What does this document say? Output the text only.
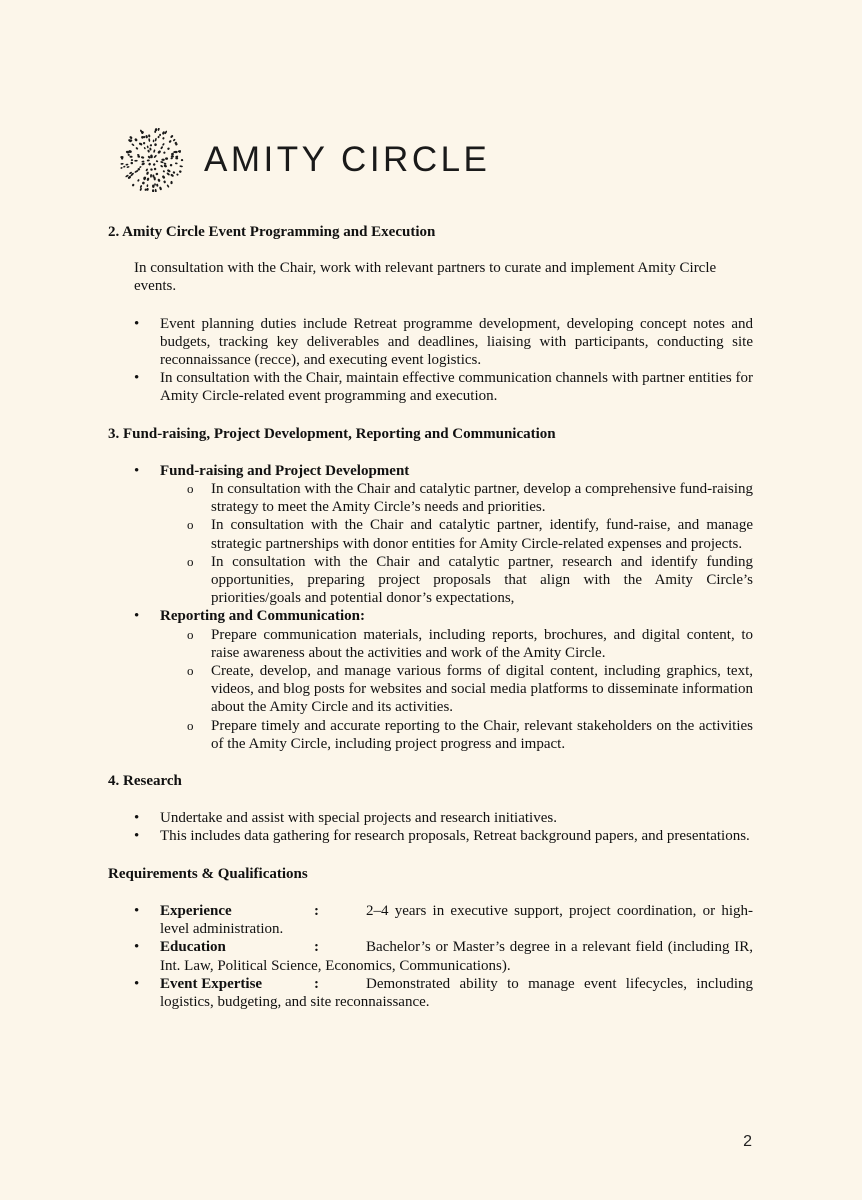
AMITY CIRCLE

2. Amity Circle Event Programming and Execution

In consultation with the Chair, work with relevant partners to curate and implement Amity Circle events.

• Event planning duties include Retreat programme development, developing concept notes and budgets, tracking key deliverables and deadlines, liaising with participants, conducting site reconnaissance (recce), and executing event logistics.
• In consultation with the Chair, maintain effective communication channels with partner entities for Amity Circle-related event programming and execution.

3. Fund-raising, Project Development, Reporting and Communication

• Fund-raising and Project Development
o In consultation with the Chair and catalytic partner, develop a comprehensive fund-raising strategy to meet the Amity Circle’s needs and priorities.
o In consultation with the Chair and catalytic partner, identify, fund-raise, and manage strategic partnerships with donor entities for Amity Circle-related expenses and projects.
o In consultation with the Chair and catalytic partner, research and identify funding opportunities, preparing project proposals that align with the Amity Circle’s priorities/goals and potential donor’s expectations,
• Reporting and Communication:
o Prepare communication materials, including reports, brochures, and digital content, to raise awareness about the activities and work of the Amity Circle.
o Create, develop, and manage various forms of digital content, including graphics, text, videos, and blog posts for websites and social media platforms to disseminate information about the Amity Circle and its activities.
o Prepare timely and accurate reporting to the Chair, relevant stakeholders on the activities of the Amity Circle, including project progress and impact.

4. Research

• Undertake and assist with special projects and research initiatives.
• This includes data gathering for research proposals, Retreat background papers, and presentations.

Requirements & Qualifications

• Experience	:	2–4 years in executive support, project coordination, or high-level administration.
• Education	:	Bachelor’s or Master’s degree in a relevant field (including IR, Int. Law, Political Science, Economics, Communications).
• Event Expertise	:	Demonstrated ability to manage event lifecycles, including logistics, budgeting, and site reconnaissance.
2
